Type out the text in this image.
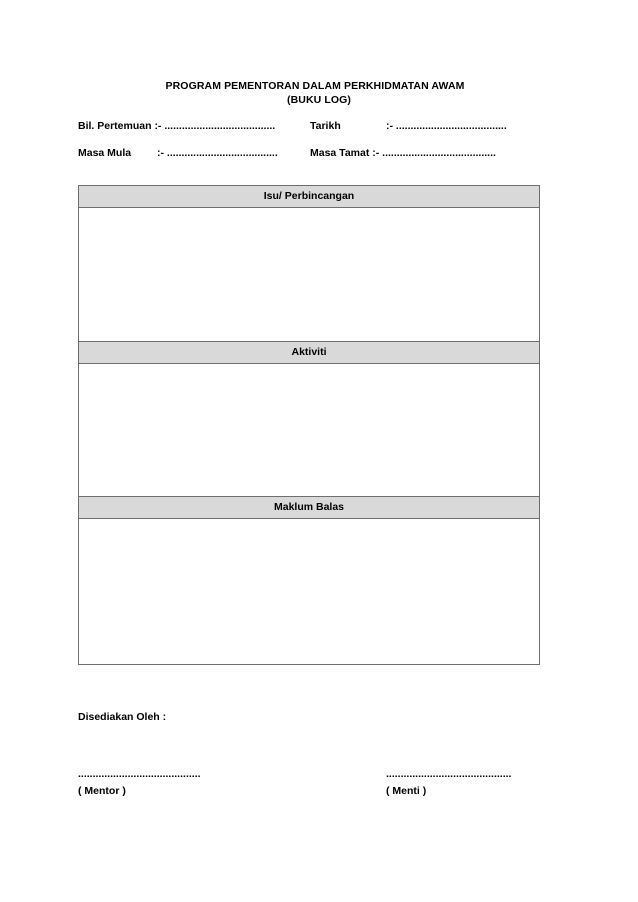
PROGRAM PEMENTORAN DALAM PERKHIDMATAN AWAM
(BUKU LOG)
Bil. Pertemuan :- ......................................	Tarikh	:- ......................................
Masa Mula :- ......................................	Masa Tamat :- .......................................
Isu/ Perbincangan
Aktiviti
Maklum Balas
Disediakan Oleh :
..........................................
( Mentor )
...........................................
( Menti )
